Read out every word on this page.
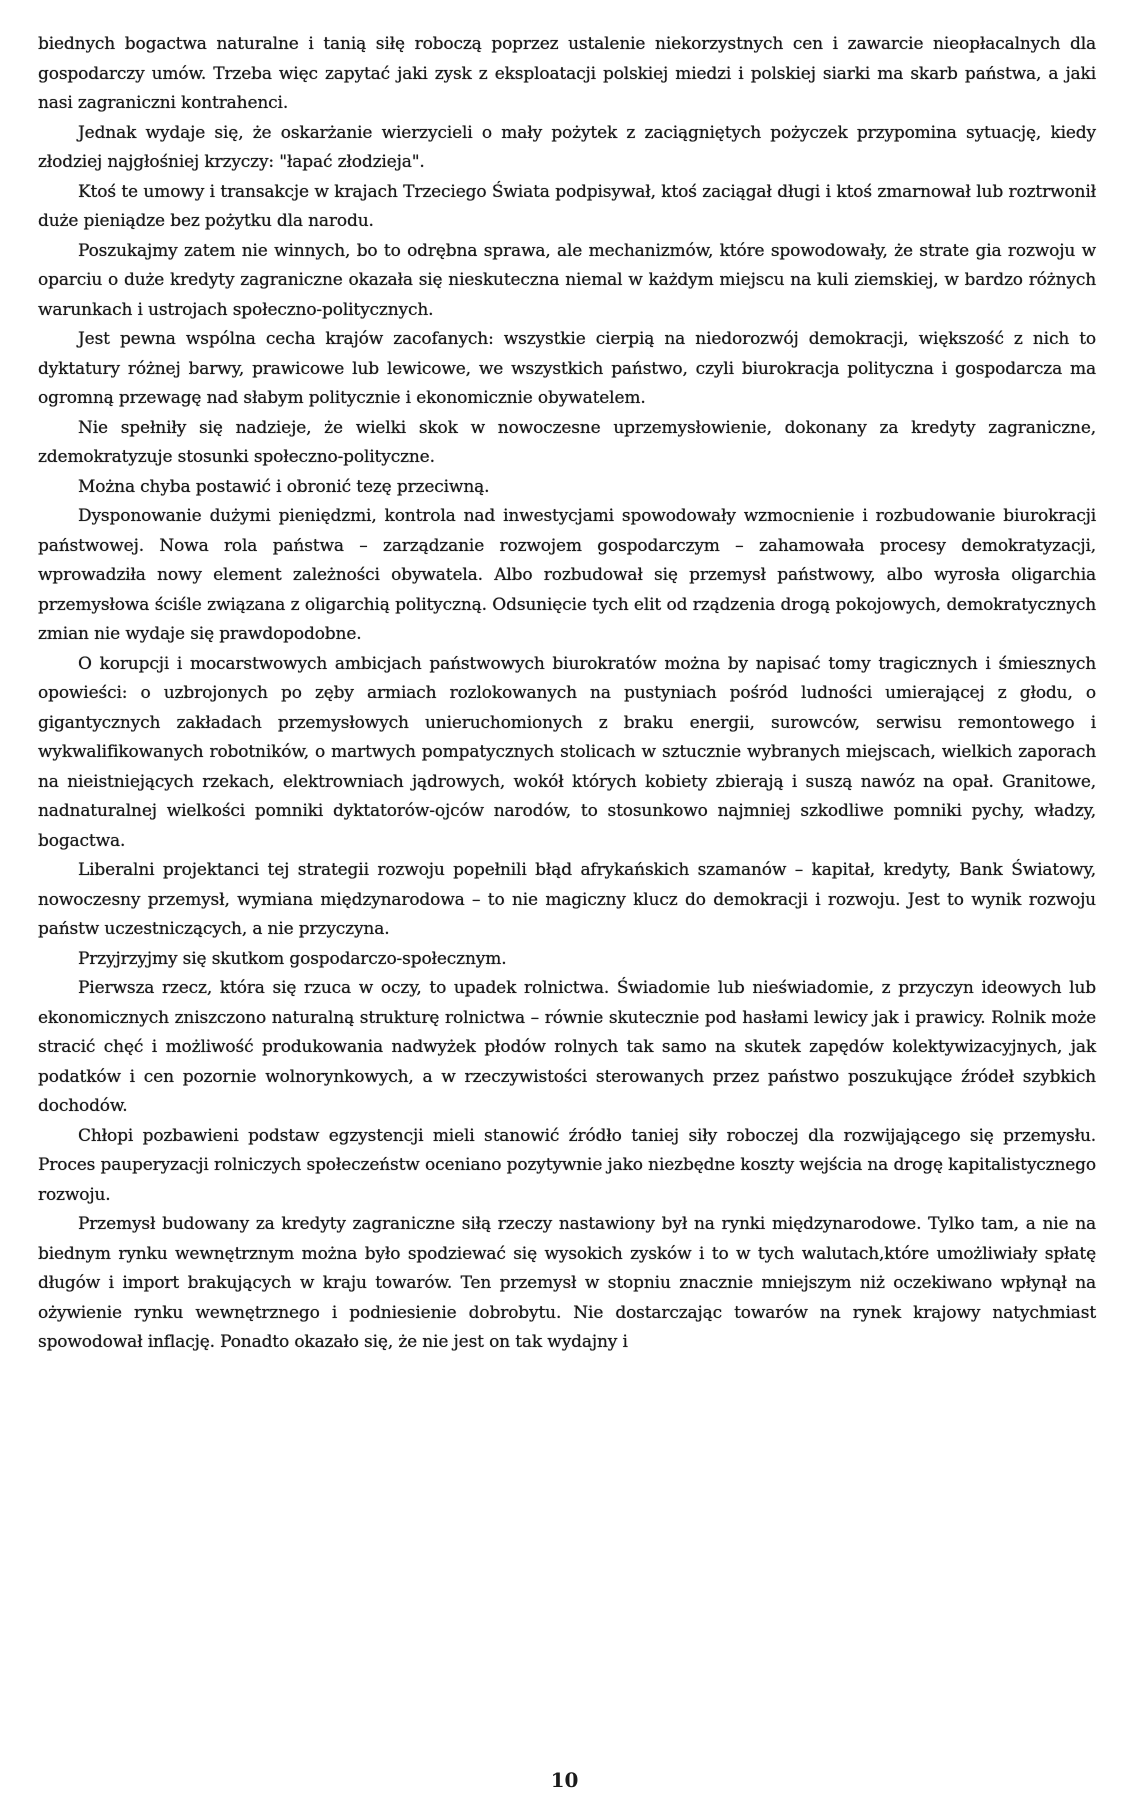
biednych bogactwa naturalne i tanią siłę roboczą poprzez ustalenie niekorzystnych cen i zawarcie nieopłacalnych dla gospodarczy umów. Trzeba więc zapytać jaki zysk z eksploatacji polskiej miedzi i polskiej siarki ma skarb państwa, a jaki nasi zagraniczni kontrahenci.

Jednak wydaje się, że oskarżanie wierzycieli o mały pożytek z zaciągniętych pożyczek przypomina sytuację, kiedy złodziej najgłośniej krzyczy: "łapać złodzieja".

Ktoś te umowy i transakcje w krajach Trzeciego Świata podpisywał, ktoś zaciągał długi i ktoś zmarnował lub roztrwonił duże pieniądze bez pożytku dla narodu.

Poszukajmy zatem nie winnych, bo to odrębna sprawa, ale mechanizmów, które spowodowały, że strate gia rozwoju w oparciu o duże kredyty zagraniczne okazała się nieskuteczna niemal w każdym miejscu na kuli ziemskiej, w bardzo różnych warunkach i ustrojach społeczno-politycznych.

Jest pewna wspólna cecha krajów zacofanych: wszystkie cierpią na niedorozwój demokracji, większość z nich to dyktatury różnej barwy, prawicowe lub lewicowe, we wszystkich państwo, czyli biurokracja polityczna i gospodarcza ma ogromną przewagę nad słabym politycznie i ekonomicznie obywatelem.

Nie spełniły się nadzieje, że wielki skok w nowoczesne uprzemysłowienie, dokonany za kredyty zagraniczne, zdemokratyzuje stosunki społeczno-polityczne.

Można chyba postawić i obronić tezę przeciwną.

Dysponowanie dużymi pieniędzmi, kontrola nad inwestycjami spowodowały wzmocnienie i rozbudowanie biurokracji państwowej. Nowa rola państwa – zarządzanie rozwojem gospodarczym – zahamowała procesy demokratyzacji, wprowadziła nowy element zależności obywatela. Albo rozbudował się przemysł państwowy, albo wyrosła oligarchia przemysłowa ściśle związana z oligarchią polityczną. Odsunięcie tych elit od rządzenia drogą pokojowych, demokratycznych zmian nie wydaje się prawdopodobne.

O korupcji i mocarstwowych ambicjach państwowych biurokratów można by napisać tomy tragicznych i śmiesznych opowieści: o uzbrojonych po zęby armiach rozlokowanych na pustyniach pośród ludności umierającej z głodu, o gigantycznych zakładach przemysłowych unieruchomionych z braku energii, surowców, serwisu remontowego i wykwalifikowanych robotników, o martwych pompatycznych stolicach w sztucznie wybranych miejscach, wielkich zaporach na nieistniejących rzekach, elektrowniach jądrowych, wokół których kobiety zbierają i suszą nawóz na opał. Granitowe, nadnaturalnej wielkości pomniki dyktatorów-ojców narodów, to stosunkowo najmniej szkodliwe pomniki pychy, władzy, bogactwa.

Liberalni projektanci tej strategii rozwoju popełnili błąd afrykańskich szamanów – kapitał, kredyty, Bank Światowy, nowoczesny przemysł, wymiana międzynarodowa – to nie magiczny klucz do demokracji i rozwoju. Jest to wynik rozwoju państw uczestniczących, a nie przyczyna.

Przyjrzyjmy się skutkom gospodarczo-społecznym.

Pierwsza rzecz, która się rzuca w oczy, to upadek rolnictwa. Świadomie lub nieświadomie, z przyczyn ideowych lub ekonomicznych zniszczono naturalną strukturę rolnictwa – równie skutecznie pod hasłami lewicy jak i prawicy. Rolnik może stracić chęć i możliwość produkowania nadwyżek płodów rolnych tak samo na skutek zapędów kolektywizacyjnych, jak podatków i cen pozornie wolnorynkowych, a w rzeczywistości sterowanych przez państwo poszukujące źródeł szybkich dochodów.

Chłopi pozbawieni podstaw egzystencji mieli stanowić źródło taniej siły roboczej dla rozwijającego się przemysłu. Proces pauperyzacji rolniczych społeczeństw oceniano pozytywnie jako niezbędne koszty wejścia na drogę kapitalistycznego rozwoju.

Przemysł budowany za kredyty zagraniczne siłą rzeczy nastawiony był na rynki międzynarodowe. Tylko tam, a nie na biednym rynku wewnętrznym można było spodziewać się wysokich zysków i to w tych walutach,które umożliwiały spłatę długów i import brakujących w kraju towarów. Ten przemysł w stopniu znacznie mniejszym niż oczekiwano wpłynął na ożywienie rynku wewnętrznego i podniesienie dobrobytu. Nie dostarczając towarów na rynek krajowy natychmiast spowodował inflację. Ponadto okazało się, że nie jest on tak wydajny i

10
